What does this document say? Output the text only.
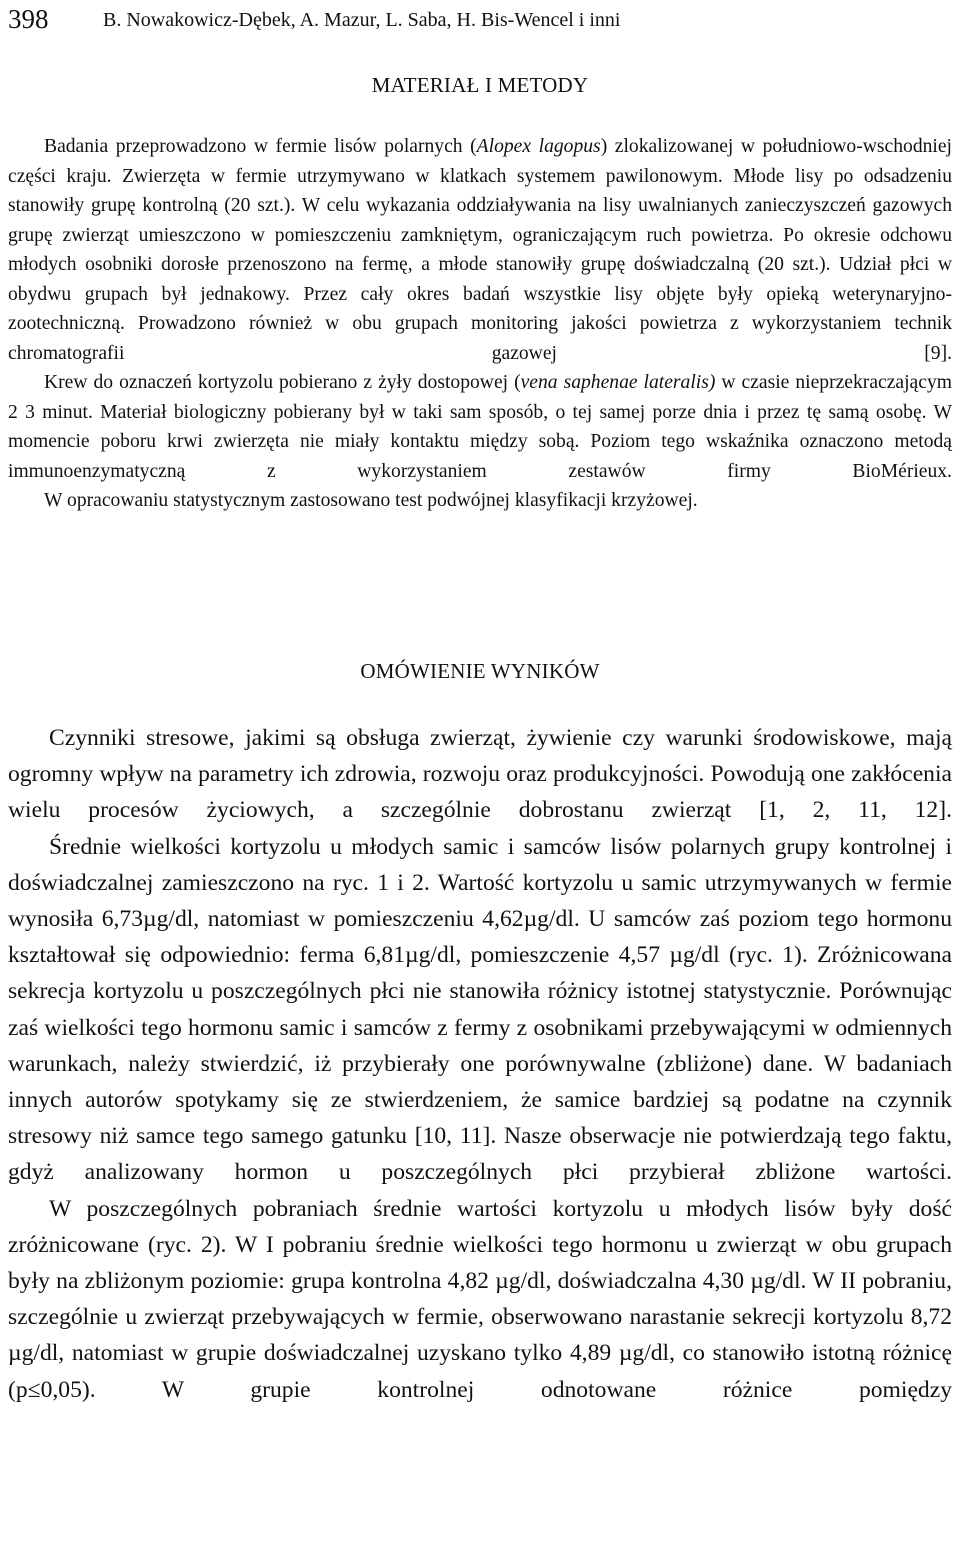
398	B. Nowakowicz-Dębek, A. Mazur, L. Saba, H. Bis-Wencel i inni
MATERIAŁ I METODY

Badania przeprowadzono w fermie lisów polarnych (Alopex lagopus) zlokalizowanej w południowo-wschodniej części kraju. Zwierzęta w fermie utrzymywano w klatkach systemem pawilonowym. Młode lisy po odsadzeniu stanowiły grupę kontrolną (20 szt.). W celu wykazania oddziaływania na lisy uwalnianych zanieczyszczeń gazowych grupę zwierząt umieszczono w pomieszczeniu zamkniętym, ograniczającym ruch powietrza. Po okresie odchowu młodych osobniki dorosłe przenoszono na fermę, a młode stanowiły grupę doświadczalną (20 szt.). Udział płci w obydwu grupach był jednakowy. Przez cały okres badań wszystkie lisy objęte były opieką weterynaryjno-zootechniczną. Prowadzono również w obu grupach monitoring jakości powietrza z wykorzystaniem technik chromatografii gazowej [9].

Krew do oznaczeń kortyzolu pobierano z żyły dostopowej (vena saphenae lateralis) w czasie nieprzekraczającym 2 3 minut. Materiał biologiczny pobierany był w taki sam sposób, o tej samej porze dnia i przez tę samą osobę. W momencie poboru krwi zwierzęta nie miały kontaktu między sobą. Poziom tego wskaźnika oznaczono metodą immunoenzymatyczną z wykorzystaniem zestawów firmy BioMérieux.

W opracowaniu statystycznym zastosowano test podwójnej klasyfikacji krzyżowej.

OMÓWIENIE WYNIKÓW

Czynniki stresowe, jakimi są obsługa zwierząt, żywienie czy warunki środowiskowe, mają ogromny wpływ na parametry ich zdrowia, rozwoju oraz produkcyjności. Powodują one zakłócenia wielu procesów życiowych, a szczególnie dobrostanu zwierząt [1, 2, 11, 12].

Średnie wielkości kortyzolu u młodych samic i samców lisów polarnych grupy kontrolnej i doświadczalnej zamieszczono na ryc. 1 i 2. Wartość kortyzolu u samic utrzymywanych w fermie wynosiła 6,73µg/dl, natomiast w pomieszczeniu 4,62µg/dl. U samców zaś poziom tego hormonu kształtował się odpowiednio: ferma 6,81µg/dl, pomieszczenie 4,57 µg/dl (ryc. 1). Zróżnicowana sekrecja kortyzolu u poszczególnych płci nie stanowiła różnicy istotnej statystycznie. Porównując zaś wielkości tego hormonu samic i samców z fermy z osobnikami przebywającymi w odmiennych warunkach, należy stwierdzić, iż przybierały one porównywalne (zbliżone) dane. W badaniach innych autorów spotykamy się ze stwierdzeniem, że samice bardziej są podatne na czynnik stresowy niż samce tego samego gatunku [10, 11]. Nasze obserwacje nie potwierdzają tego faktu, gdyż analizowany hormon u poszczególnych płci przybierał zbliżone wartości.

W poszczególnych pobraniach średnie wartości kortyzolu u młodych lisów były dość zróżnicowane (ryc. 2). W I pobraniu średnie wielkości tego hormonu u zwierząt w obu grupach były na zbliżonym poziomie: grupa kontrolna 4,82 µg/dl, doświadczalna 4,30 µg/dl. W II pobraniu, szczególnie u zwierząt przebywających w fermie, obserwowano narastanie sekrecji kortyzolu 8,72 µg/dl, natomiast w grupie doświadczalnej uzyskano tylko 4,89 µg/dl, co stanowiło istotną różnicę (p≤0,05). W grupie kontrolnej odnotowane różnice pomiędzy
